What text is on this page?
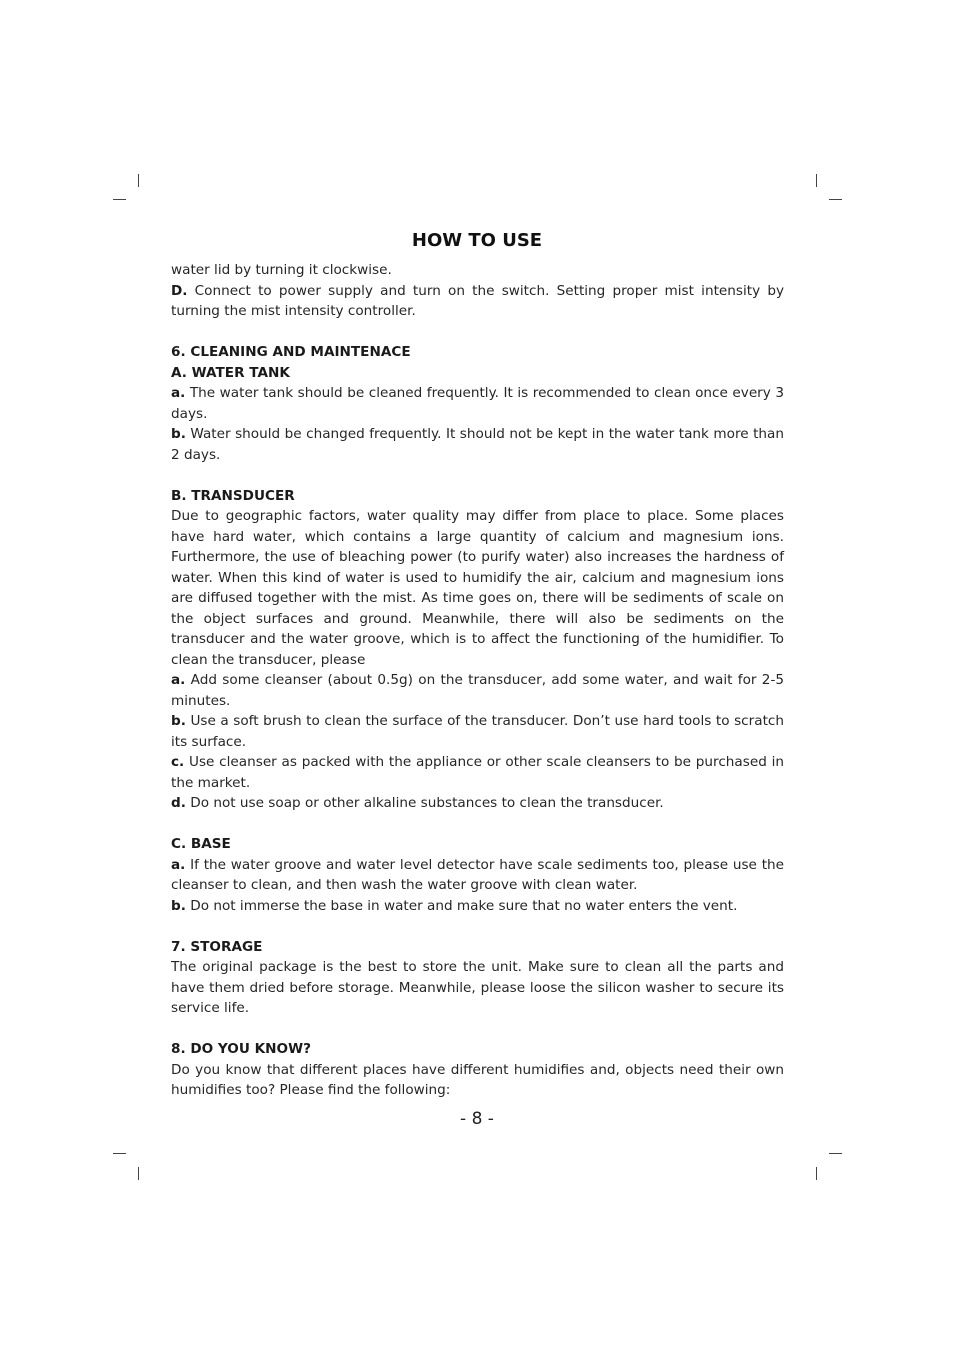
HOW TO USE

water lid by turning it clockwise.

D. Connect to power supply and turn on the switch. Setting proper mist intensity by turning the mist intensity controller.

6. CLEANING AND MAINTENACE
A. WATER TANK

a. The water tank should be cleaned frequently. It is recommended to clean once every 3 days.

b. Water should be changed frequently. It should not be kept in the water tank more than 2 days.

B. TRANSDUCER

Due to geographic factors, water quality may differ from place to place. Some places have hard water, which contains a large quantity of calcium and magnesium ions. Furthermore, the use of bleaching power (to purify water) also increases the hardness of water. When this kind of water is used to humidify the air, calcium and magnesium ions are diffused together with the mist. As time goes on, there will be sediments of scale on the object surfaces and ground. Meanwhile, there will also be sediments on the transducer and the water groove, which is to affect the functioning of the humidifier. To clean the transducer, please

a. Add some cleanser (about 0.5g) on the transducer, add some water, and wait for 2-5 minutes.

b. Use a soft brush to clean the surface of the transducer. Don’t use hard tools to scratch its surface.

c. Use cleanser as packed with the appliance or other scale cleansers to be purchased in the market.

d. Do not use soap or other alkaline substances to clean the transducer.

C. BASE

a. If the water groove and water level detector have scale sediments too, please use the cleanser to clean, and then wash the water groove with clean water.

b. Do not immerse the base in water and make sure that no water enters the vent.

7. STORAGE

The original package is the best to store the unit. Make sure to clean all the parts and have them dried before storage. Meanwhile, please loose the silicon washer to secure its service life.

8. DO YOU KNOW?

Do you know that different places have different humidifies and, objects need their own humidifies too? Please find the following:

- 8 -
